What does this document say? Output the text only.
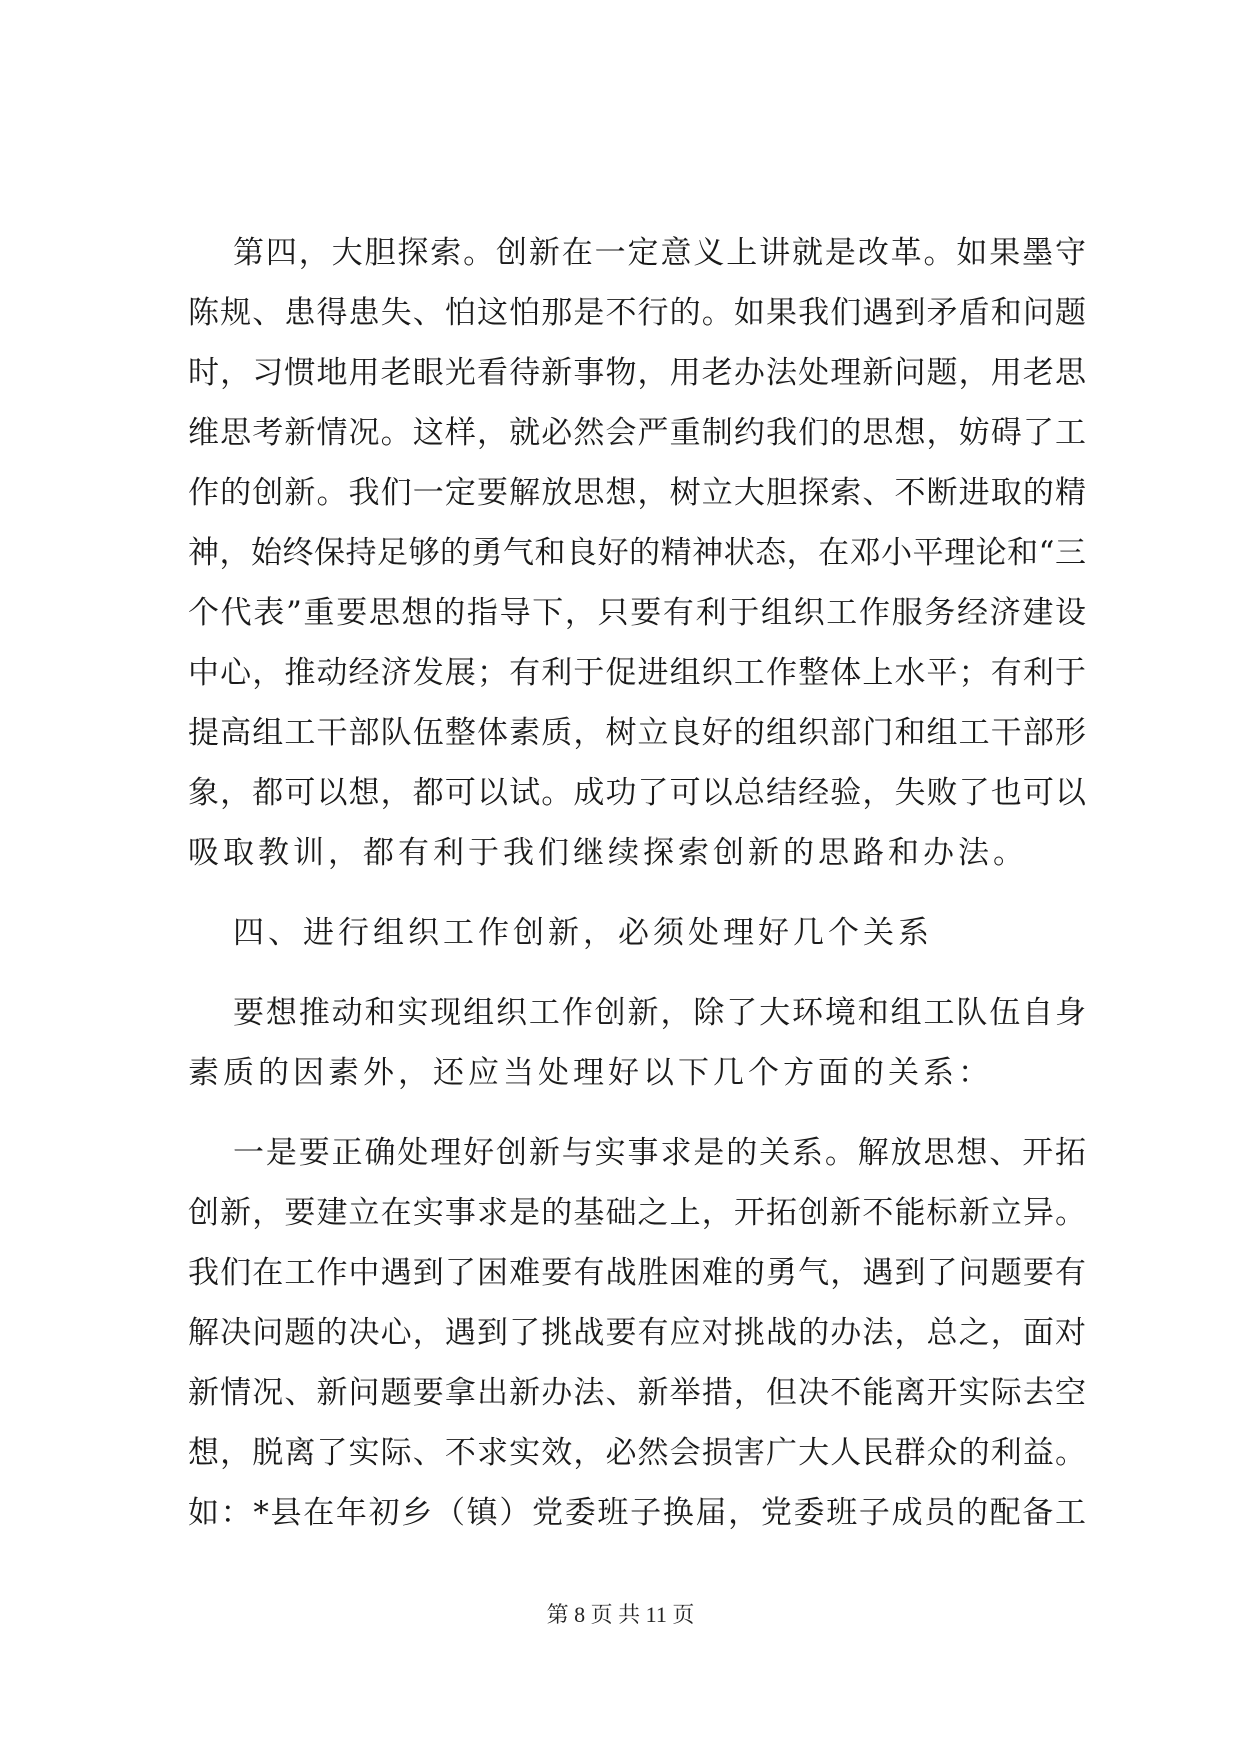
第四，大胆探索。创新在一定意义上讲就是改革。如果墨守
陈规、患得患失、怕这怕那是不行的。如果我们遇到矛盾和问题
时，习惯地用老眼光看待新事物，用老办法处理新问题，用老思
维思考新情况。这样，就必然会严重制约我们的思想，妨碍了工
作的创新。我们一定要解放思想，树立大胆探索、不断进取的精
神，始终保持足够的勇气和良好的精神状态，在邓小平理论和“三
个代表”重要思想的指导下，只要有利于组织工作服务经济建设
中心，推动经济发展；有利于促进组织工作整体上水平；有利于
提高组工干部队伍整体素质，树立良好的组织部门和组工干部形
象，都可以想，都可以试。成功了可以总结经验，失败了也可以
吸取教训，都有利于我们继续探索创新的思路和办法。
四、进行组织工作创新，必须处理好几个关系
要想推动和实现组织工作创新，除了大环境和组工队伍自身
素质的因素外，还应当处理好以下几个方面的关系：
一是要正确处理好创新与实事求是的关系。解放思想、开拓
创新，要建立在实事求是的基础之上，开拓创新不能标新立异。
我们在工作中遇到了困难要有战胜困难的勇气，遇到了问题要有
解决问题的决心，遇到了挑战要有应对挑战的办法，总之，面对
新情况、新问题要拿出新办法、新举措，但决不能离开实际去空
想，脱离了实际、不求实效，必然会损害广大人民群众的利益。
如：*县在年初乡（镇）党委班子换届，党委班子成员的配备工
第 8 页 共 11 页
